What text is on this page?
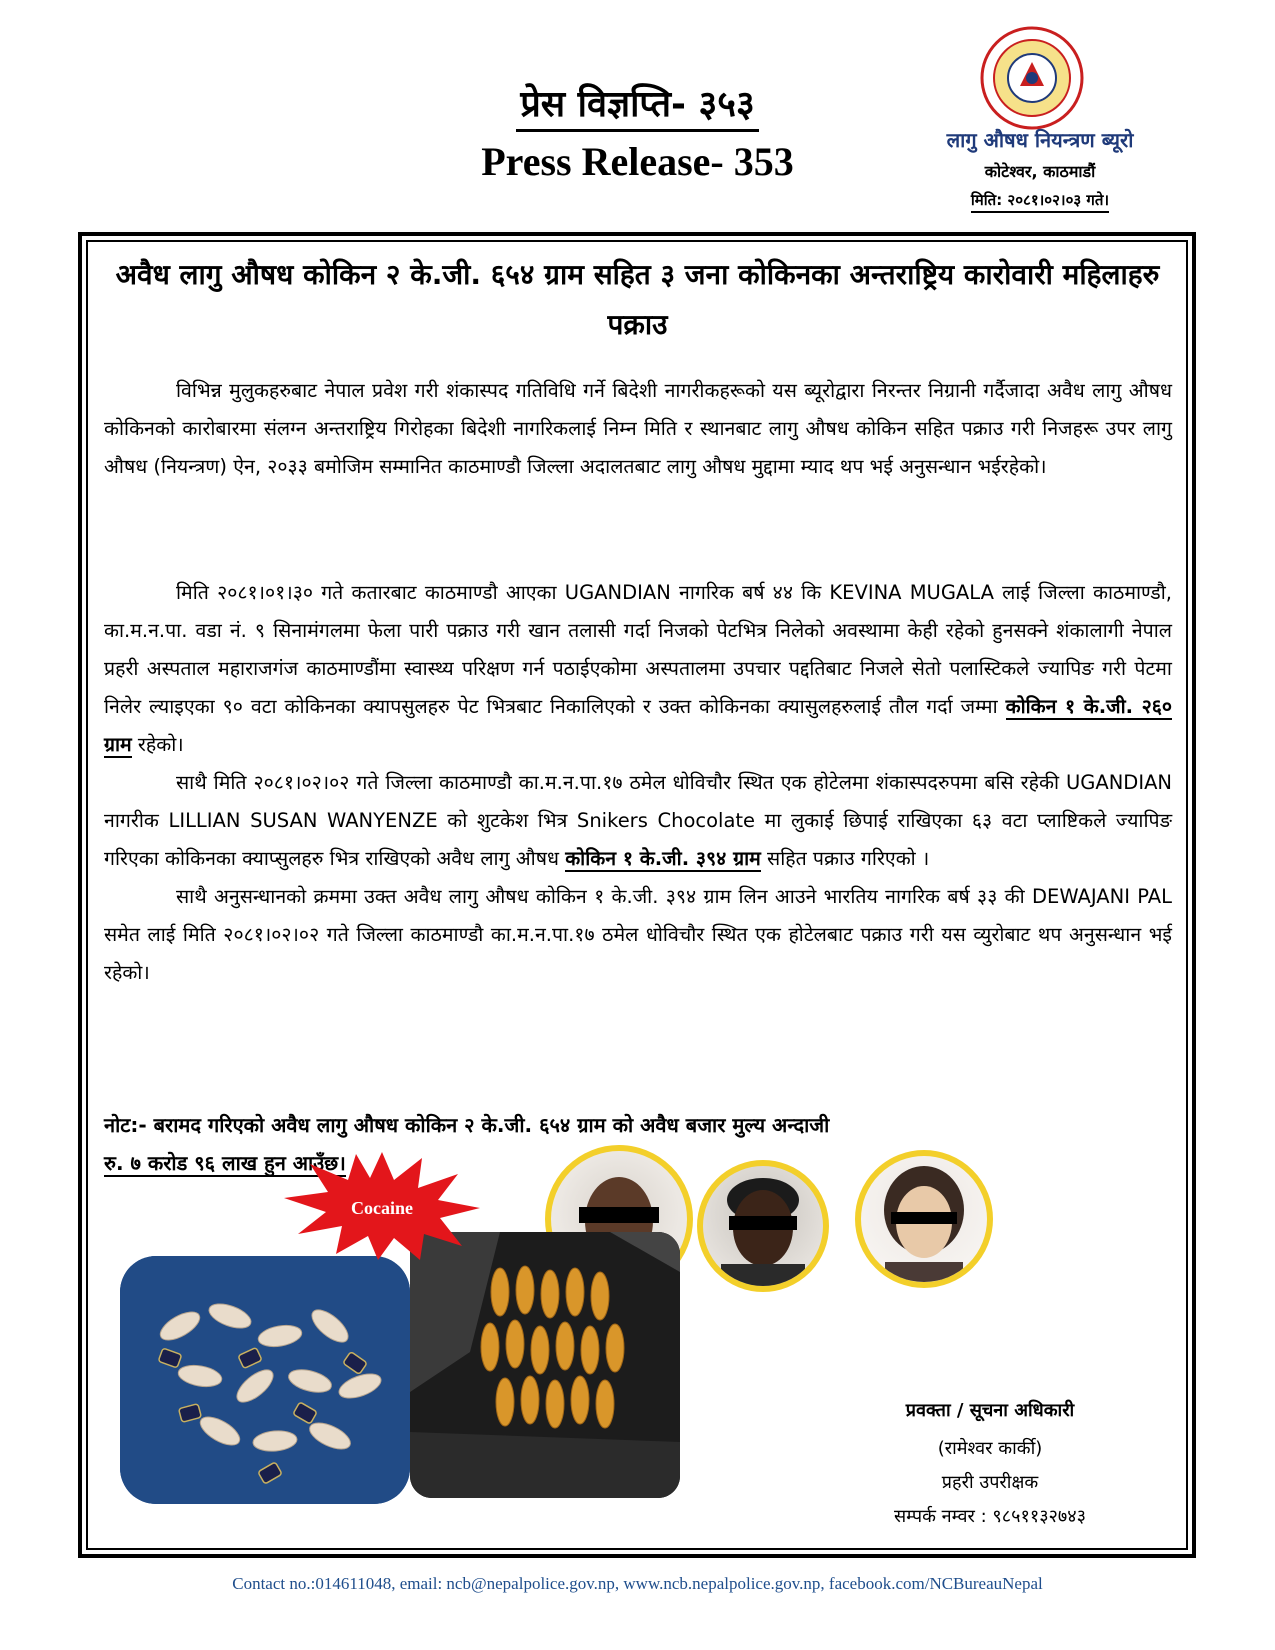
प्रेस विज्ञप्ति- ३५३
Press Release- 353	लागु औषध नियन्त्रण ब्यूरो
कोटेश्वर, काठमाडौं
मिति: २०८१।०२।०३ गते।
अवैध लागु औषध कोकिन २ के.जी. ६५४ ग्राम सहित ३ जना कोकिनका अन्तराष्ट्रिय कारोवारी महिलाहरु पक्राउ

विभिन्न मुलुकहरुबाट नेपाल प्रवेश गरी शंकास्पद गतिविधि गर्ने बिदेशी नागरीकहरूको यस ब्यूरोद्वारा निरन्तर निग्रानी गर्दैजादा अवैध लागु औषध कोकिनको कारोबारमा संलग्न अन्तराष्ट्रिय गिरोहका बिदेशी नागरिकलाई निम्न मिति र स्थानबाट लागु औषध कोकिन सहित पक्राउ गरी निजहरू उपर लागु औषध (नियन्त्रण) ऐन, २०३३ बमोजिम सम्मानित काठमाण्डौ जिल्ला अदालतबाट लागु औषध मुद्दामा म्याद थप भई अनुसन्धान भईरहेको।

मिति २०८१।०१।३० गते कतारबाट काठमाण्डौ आएका UGANDIAN नागरिक बर्ष ४४ कि KEVINA MUGALA लाई जिल्ला काठमाण्डौ, का.म.न.पा. वडा नं. ९ सिनामंगलमा फेला पारी पक्राउ गरी खान तलासी गर्दा निजको पेटभित्र निलेको अवस्थामा केही रहेको हुनसक्ने शंकालागी नेपाल प्रहरी अस्पताल महाराजगंज काठमाण्डौंमा स्वास्थ्य परिक्षण गर्न पठाईएकोमा अस्पतालमा उपचार पद्दतिबाट निजले सेतो पलास्टिकले ज्यापिङ गरी पेटमा निलेर ल्याइएका ९० वटा कोकिनका क्यापसुलहरु पेट भित्रबाट निकालिएको र उक्त कोकिनका क्यासुलहरुलाई तौल गर्दा जम्मा कोकिन १ के.जी. २६० ग्राम रहेको।

साथै मिति २०८१।०२।०२ गते जिल्ला काठमाण्डौ का.म.न.पा.१७ ठमेल धोविचौर स्थित एक होटेलमा शंकास्पदरुपमा बसि रहेकी UGANDIAN नागरीक LILLIAN SUSAN WANYENZE को शुटकेश भित्र Snikers Chocolate मा लुकाई छिपाई राखिएका ६३ वटा प्लाष्टिकले ज्यापिङ गरिएका कोकिनका क्याप्सुलहरु भित्र राखिएको अवैध लागु औषध कोकिन १ के.जी. ३९४ ग्राम सहित पक्राउ गरिएको ।

साथै अनुसन्धानको क्रममा उक्त अवैध लागु औषध कोकिन १ के.जी. ३९४ ग्राम लिन आउने भारतिय नागरिक बर्ष ३३ की DEWAJANI PAL समेत लाई मिति २०८१।०२।०२ गते जिल्ला काठमाण्डौ का.म.न.पा.१७ ठमेल धोविचौर स्थित एक होटेलबाट पक्राउ गरी यस व्युरोबाट थप अनुसन्धान भई रहेको।

नोट:- बरामद गरिएको अवैध लागु औषध कोकिन २ के.जी. ६५४ ग्राम को अवैध बजार मुल्य अन्दाजी
रु. ७ करोड ९६ लाख हुन आउँछ।
Cocaine
प्रवक्ता / सूचना अधिकारी
(रामेश्वर कार्की)
प्रहरी उपरीक्षक
सम्पर्क नम्वर : ९८५११३२७४३
Contact no.:014611048, email: ncb@nepalpolice.gov.np, www.ncb.nepalpolice.gov.np, facebook.com/NCBureauNepal
